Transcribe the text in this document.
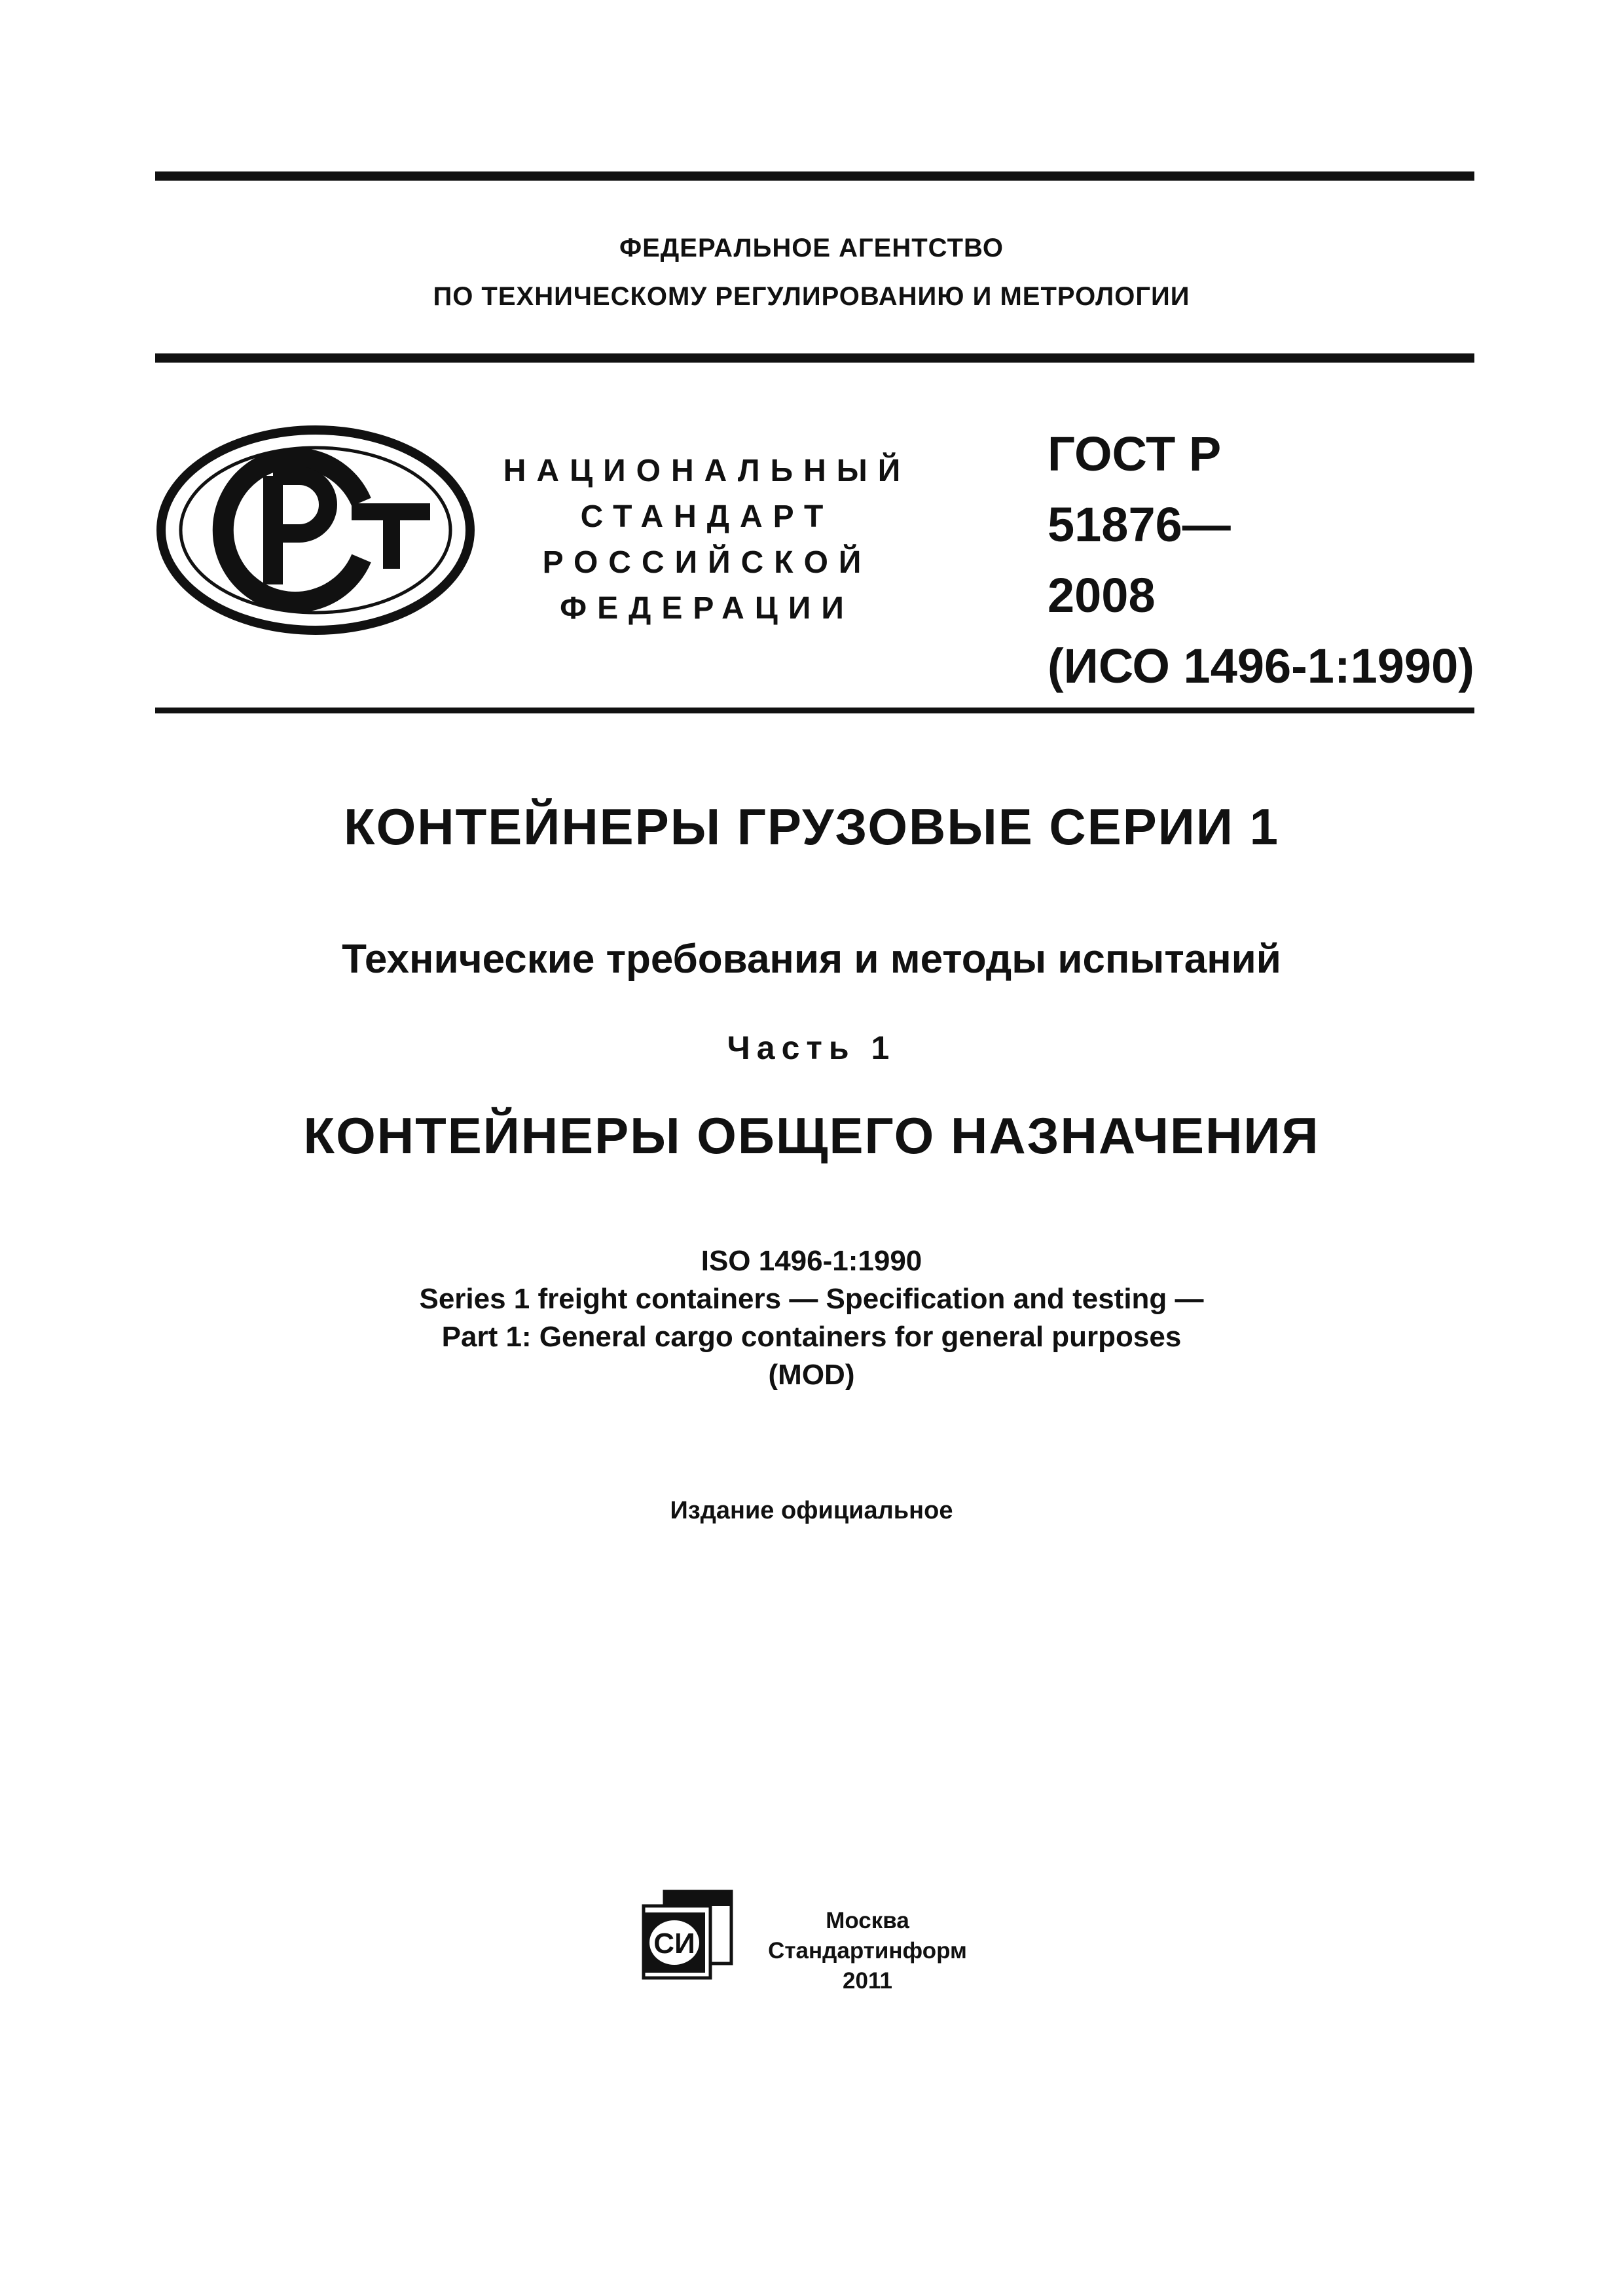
ФЕДЕРАЛЬНОЕ АГЕНТСТВО
ПО ТЕХНИЧЕСКОМУ РЕГУЛИРОВАНИЮ И МЕТРОЛОГИИ
НАЦИОНАЛЬНЫЙ
СТАНДАРТ
РОССИЙСКОЙ
ФЕДЕРАЦИИ
ГОСТ Р
51876—
2008
(ИСО 1496-1:1990)
КОНТЕЙНЕРЫ ГРУЗОВЫЕ СЕРИИ 1
Технические требования и методы испытаний
Часть 1
КОНТЕЙНЕРЫ ОБЩЕГО НАЗНАЧЕНИЯ
ISO 1496-1:1990
Series 1 freight containers — Specification and testing —
Part 1: General cargo containers for general purposes
(MOD)
Издание официальное
СИ
Москва
Стандартинформ
2011
